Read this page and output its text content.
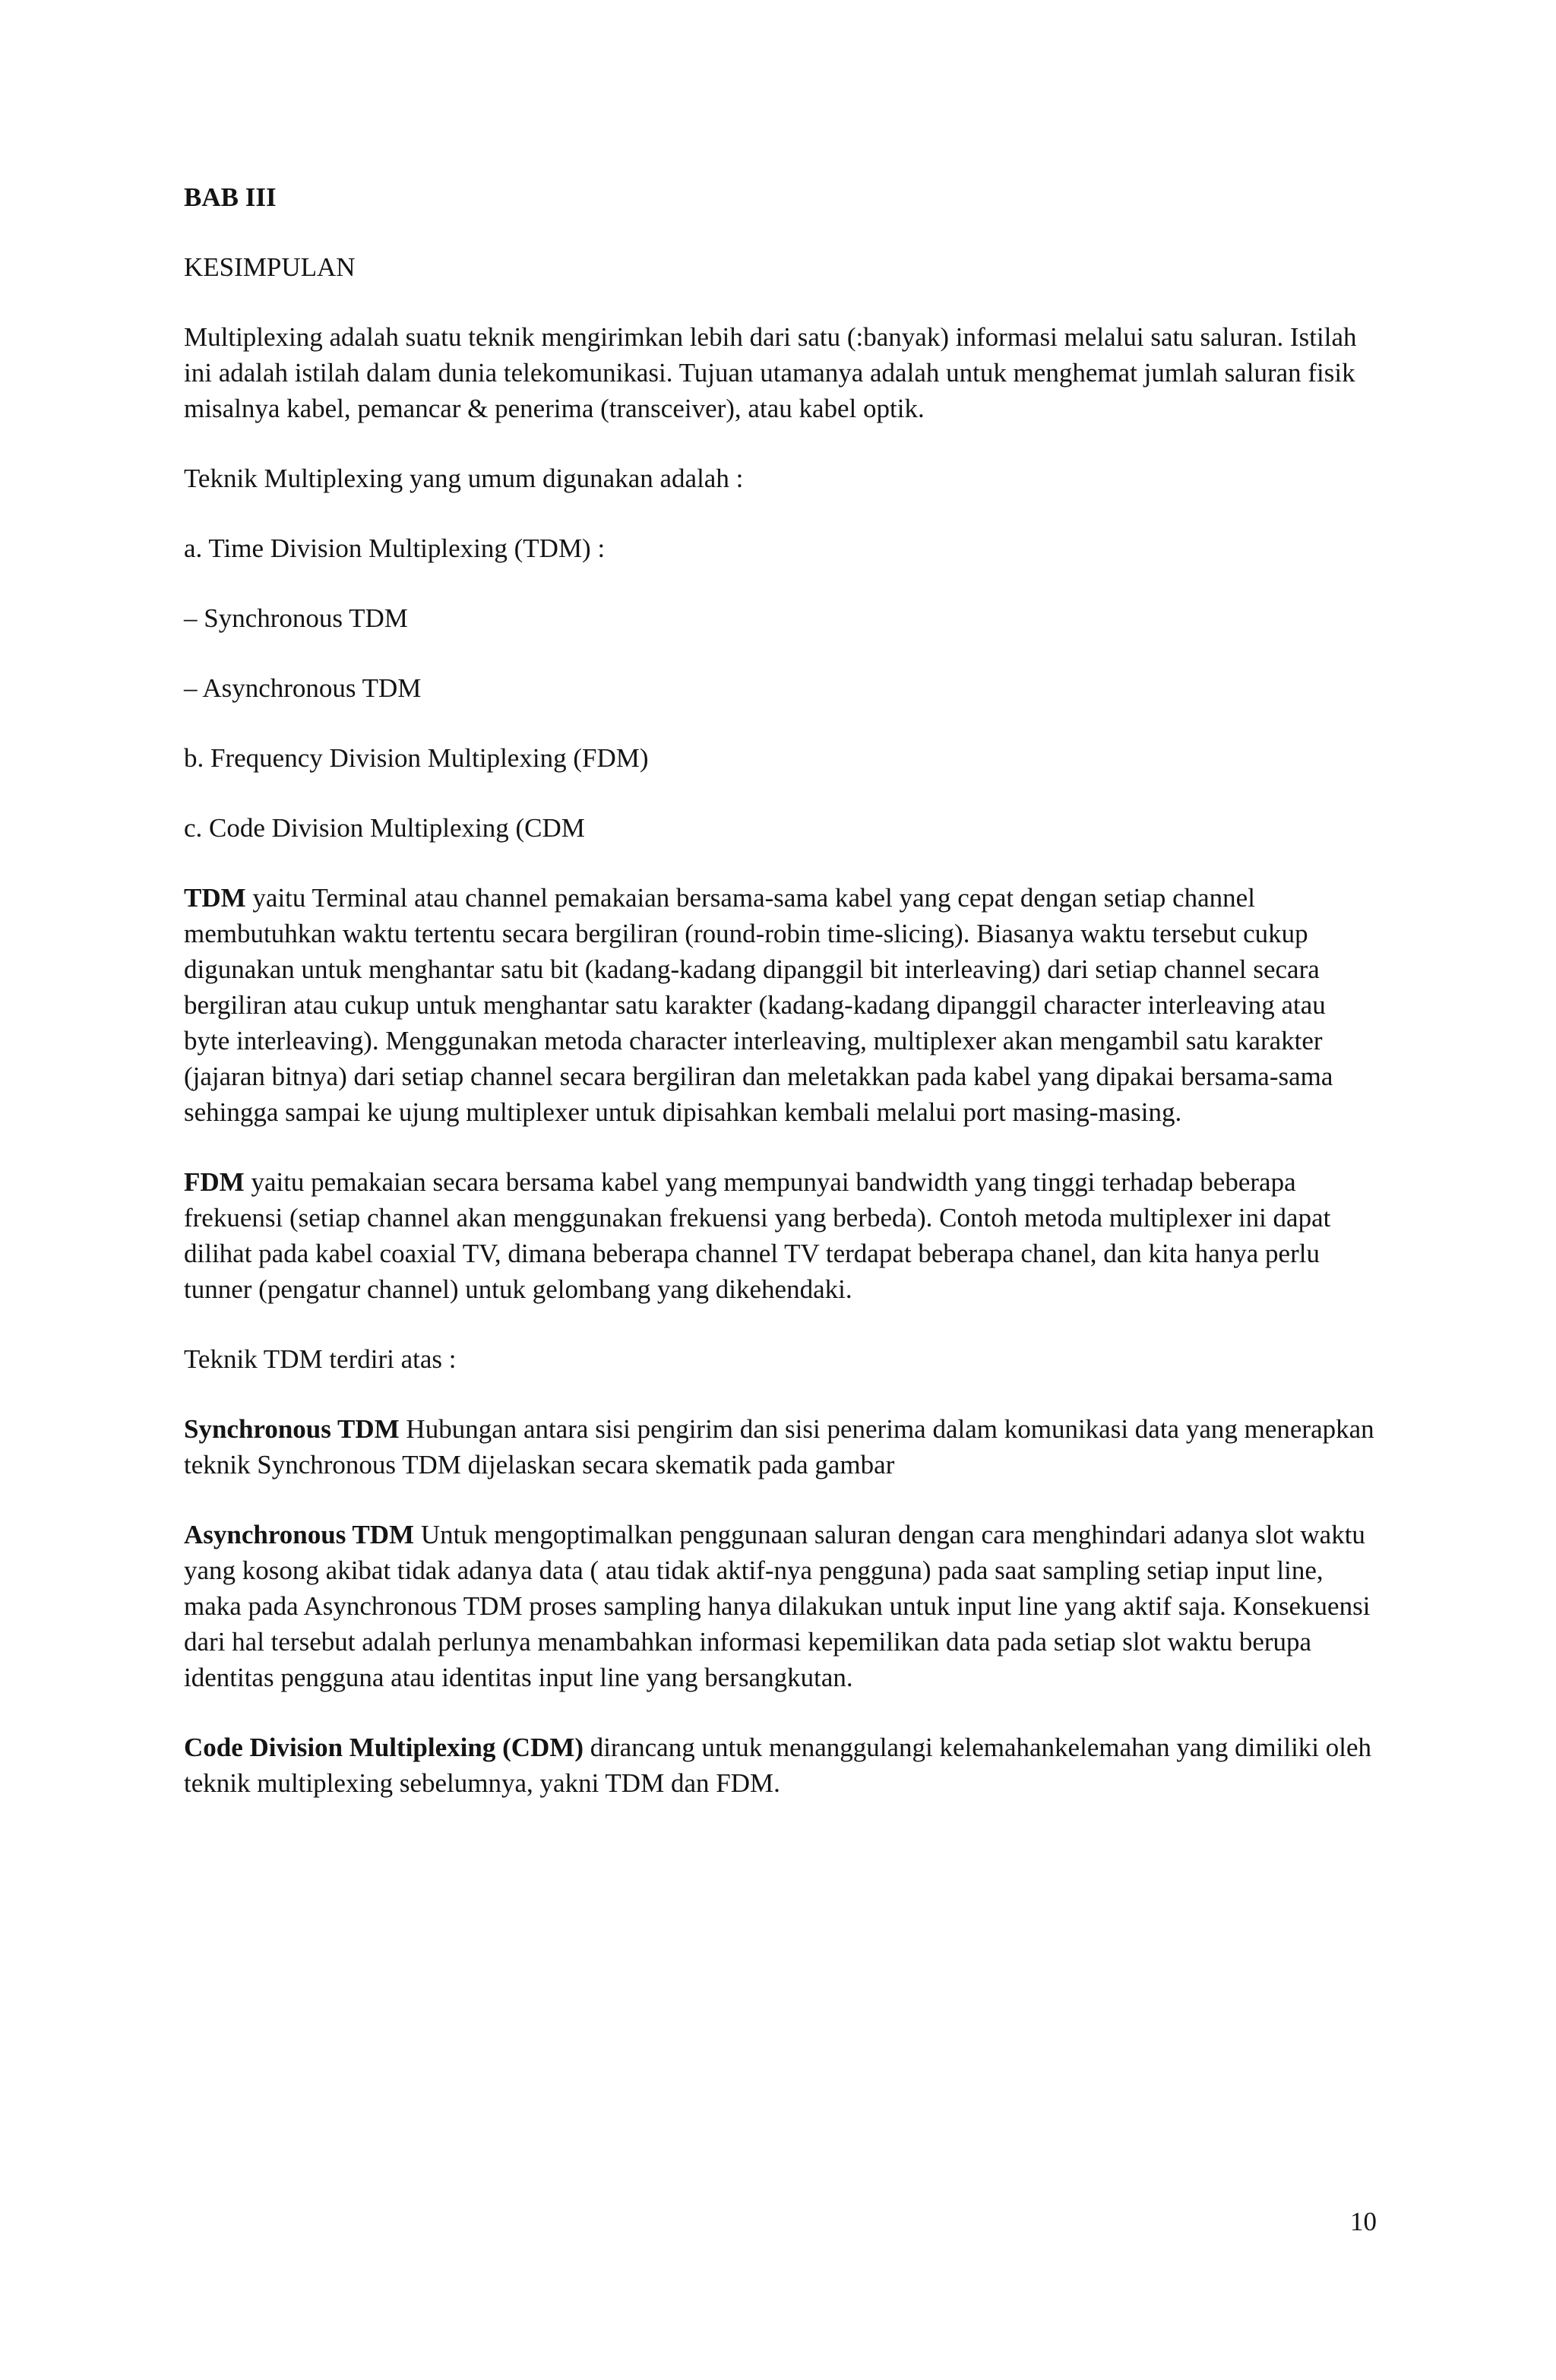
BAB III

KESIMPULAN

Multiplexing adalah suatu teknik mengirimkan lebih dari satu (:banyak) informasi melalui satu saluran. Istilah ini adalah istilah dalam dunia telekomunikasi. Tujuan utamanya adalah untuk menghemat jumlah saluran fisik misalnya kabel, pemancar & penerima (transceiver), atau kabel optik.

Teknik Multiplexing yang umum digunakan adalah :

a. Time Division Multiplexing (TDM) :

– Synchronous TDM

– Asynchronous TDM

b. Frequency Division Multiplexing (FDM)

c. Code Division Multiplexing (CDM

TDM yaitu Terminal atau channel pemakaian bersama-sama kabel yang cepat dengan setiap channel membutuhkan waktu tertentu secara bergiliran (round-robin time-slicing). Biasanya waktu tersebut cukup digunakan untuk menghantar satu bit (kadang-kadang dipanggil bit interleaving) dari setiap channel secara bergiliran atau cukup untuk menghantar satu karakter (kadang-kadang dipanggil character interleaving atau byte interleaving). Menggunakan metoda character interleaving, multiplexer akan mengambil satu karakter (jajaran bitnya) dari setiap channel secara bergiliran dan meletakkan pada kabel yang dipakai bersama-sama sehingga sampai ke ujung multiplexer untuk dipisahkan kembali melalui port masing-masing.

FDM yaitu pemakaian secara bersama kabel yang mempunyai bandwidth yang tinggi terhadap beberapa frekuensi (setiap channel akan menggunakan frekuensi yang berbeda). Contoh metoda multiplexer ini dapat dilihat pada kabel coaxial TV, dimana beberapa channel TV terdapat beberapa chanel, dan kita hanya perlu tunner (pengatur channel) untuk gelombang yang dikehendaki.

Teknik TDM terdiri atas :

Synchronous TDM Hubungan antara sisi pengirim dan sisi penerima dalam komunikasi data yang menerapkan teknik Synchronous TDM dijelaskan secara skematik pada gambar

Asynchronous TDM Untuk mengoptimalkan penggunaan saluran dengan cara menghindari adanya slot waktu yang kosong akibat tidak adanya data ( atau tidak aktif-nya pengguna) pada saat sampling setiap input line, maka pada Asynchronous TDM proses sampling hanya dilakukan untuk input line yang aktif saja. Konsekuensi dari hal tersebut adalah perlunya menambahkan informasi kepemilikan data pada setiap slot waktu berupa identitas pengguna atau identitas input line yang bersangkutan.

Code Division Multiplexing (CDM) dirancang untuk menanggulangi kelemahankelemahan yang dimiliki oleh teknik multiplexing sebelumnya, yakni TDM dan FDM.

10
